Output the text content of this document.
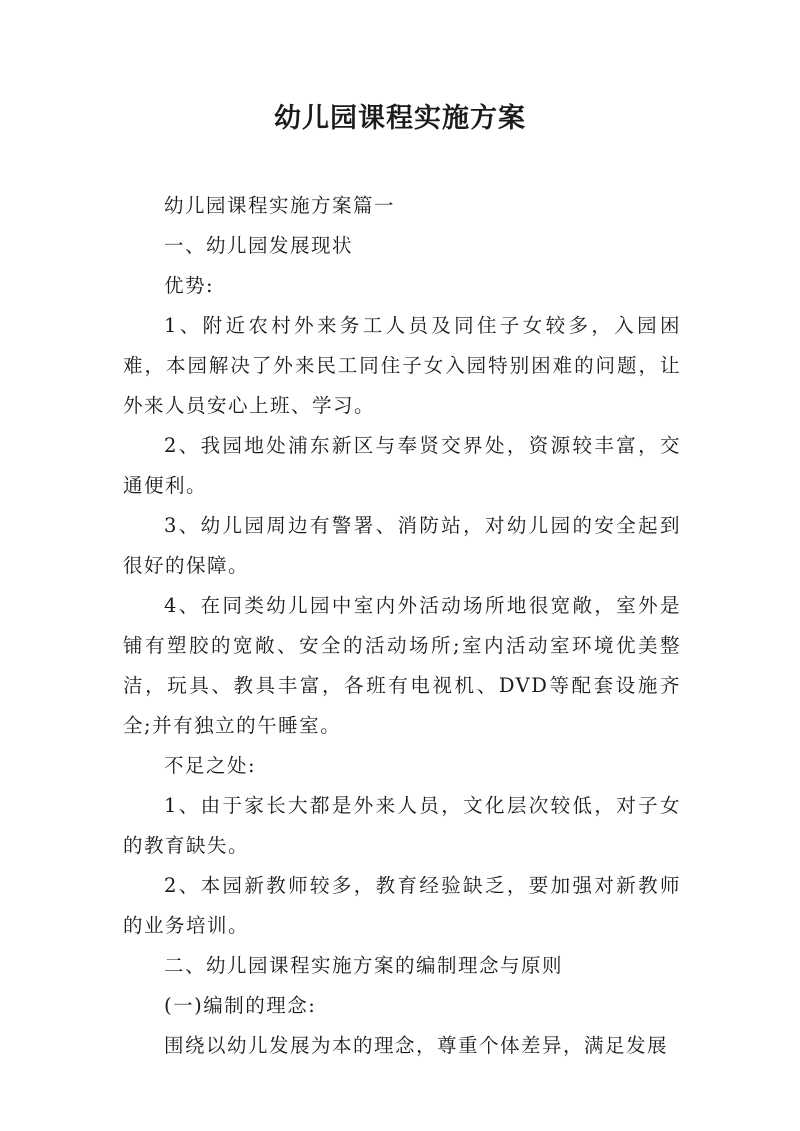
幼儿园课程实施方案

幼儿园课程实施方案篇一

一、幼儿园发展现状

优势:

1、附近农村外来务工人员及同住子女较多，入园困难，本园解决了外来民工同住子女入园特别困难的问题，让外来人员安心上班、学习。

2、我园地处浦东新区与奉贤交界处，资源较丰富，交通便利。

3、幼儿园周边有警署、消防站，对幼儿园的安全起到很好的保障。

4、在同类幼儿园中室内外活动场所地很宽敞，室外是铺有塑胶的宽敞、安全的活动场所;室内活动室环境优美整洁，玩具、教具丰富，各班有电视机、DVD等配套设施齐全;并有独立的午睡室。

不足之处:

1、由于家长大都是外来人员，文化层次较低，对子女的教育缺失。

2、本园新教师较多，教育经验缺乏，要加强对新教师的业务培训。

二、幼儿园课程实施方案的编制理念与原则

(一)编制的理念:

围绕以幼儿发展为本的理念，尊重个体差异，满足发展
